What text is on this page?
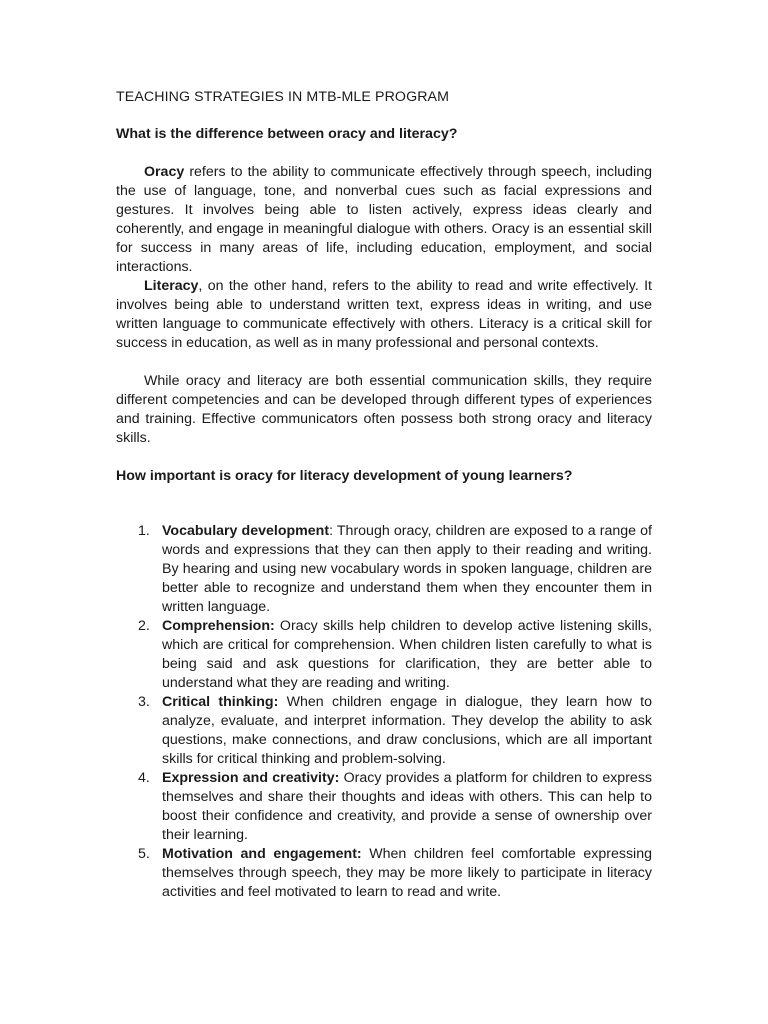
TEACHING STRATEGIES IN MTB-MLE PROGRAM

What is the difference between oracy and literacy?

Oracy refers to the ability to communicate effectively through speech, including the use of language, tone, and nonverbal cues such as facial expressions and gestures. It involves being able to listen actively, express ideas clearly and coherently, and engage in meaningful dialogue with others. Oracy is an essential skill for success in many areas of life, including education, employment, and social interactions.

Literacy, on the other hand, refers to the ability to read and write effectively. It involves being able to understand written text, express ideas in writing, and use written language to communicate effectively with others. Literacy is a critical skill for success in education, as well as in many professional and personal contexts.

While oracy and literacy are both essential communication skills, they require different competencies and can be developed through different types of experiences and training. Effective communicators often possess both strong oracy and literacy skills.

How important is oracy for literacy development of young learners?

1. Vocabulary development: Through oracy, children are exposed to a range of words and expressions that they can then apply to their reading and writing. By hearing and using new vocabulary words in spoken language, children are better able to recognize and understand them when they encounter them in written language.
2. Comprehension: Oracy skills help children to develop active listening skills, which are critical for comprehension. When children listen carefully to what is being said and ask questions for clarification, they are better able to understand what they are reading and writing.
3. Critical thinking: When children engage in dialogue, they learn how to analyze, evaluate, and interpret information. They develop the ability to ask questions, make connections, and draw conclusions, which are all important skills for critical thinking and problem-solving.
4. Expression and creativity: Oracy provides a platform for children to express themselves and share their thoughts and ideas with others. This can help to boost their confidence and creativity, and provide a sense of ownership over their learning.
5. Motivation and engagement: When children feel comfortable expressing themselves through speech, they may be more likely to participate in literacy activities and feel motivated to learn to read and write.
